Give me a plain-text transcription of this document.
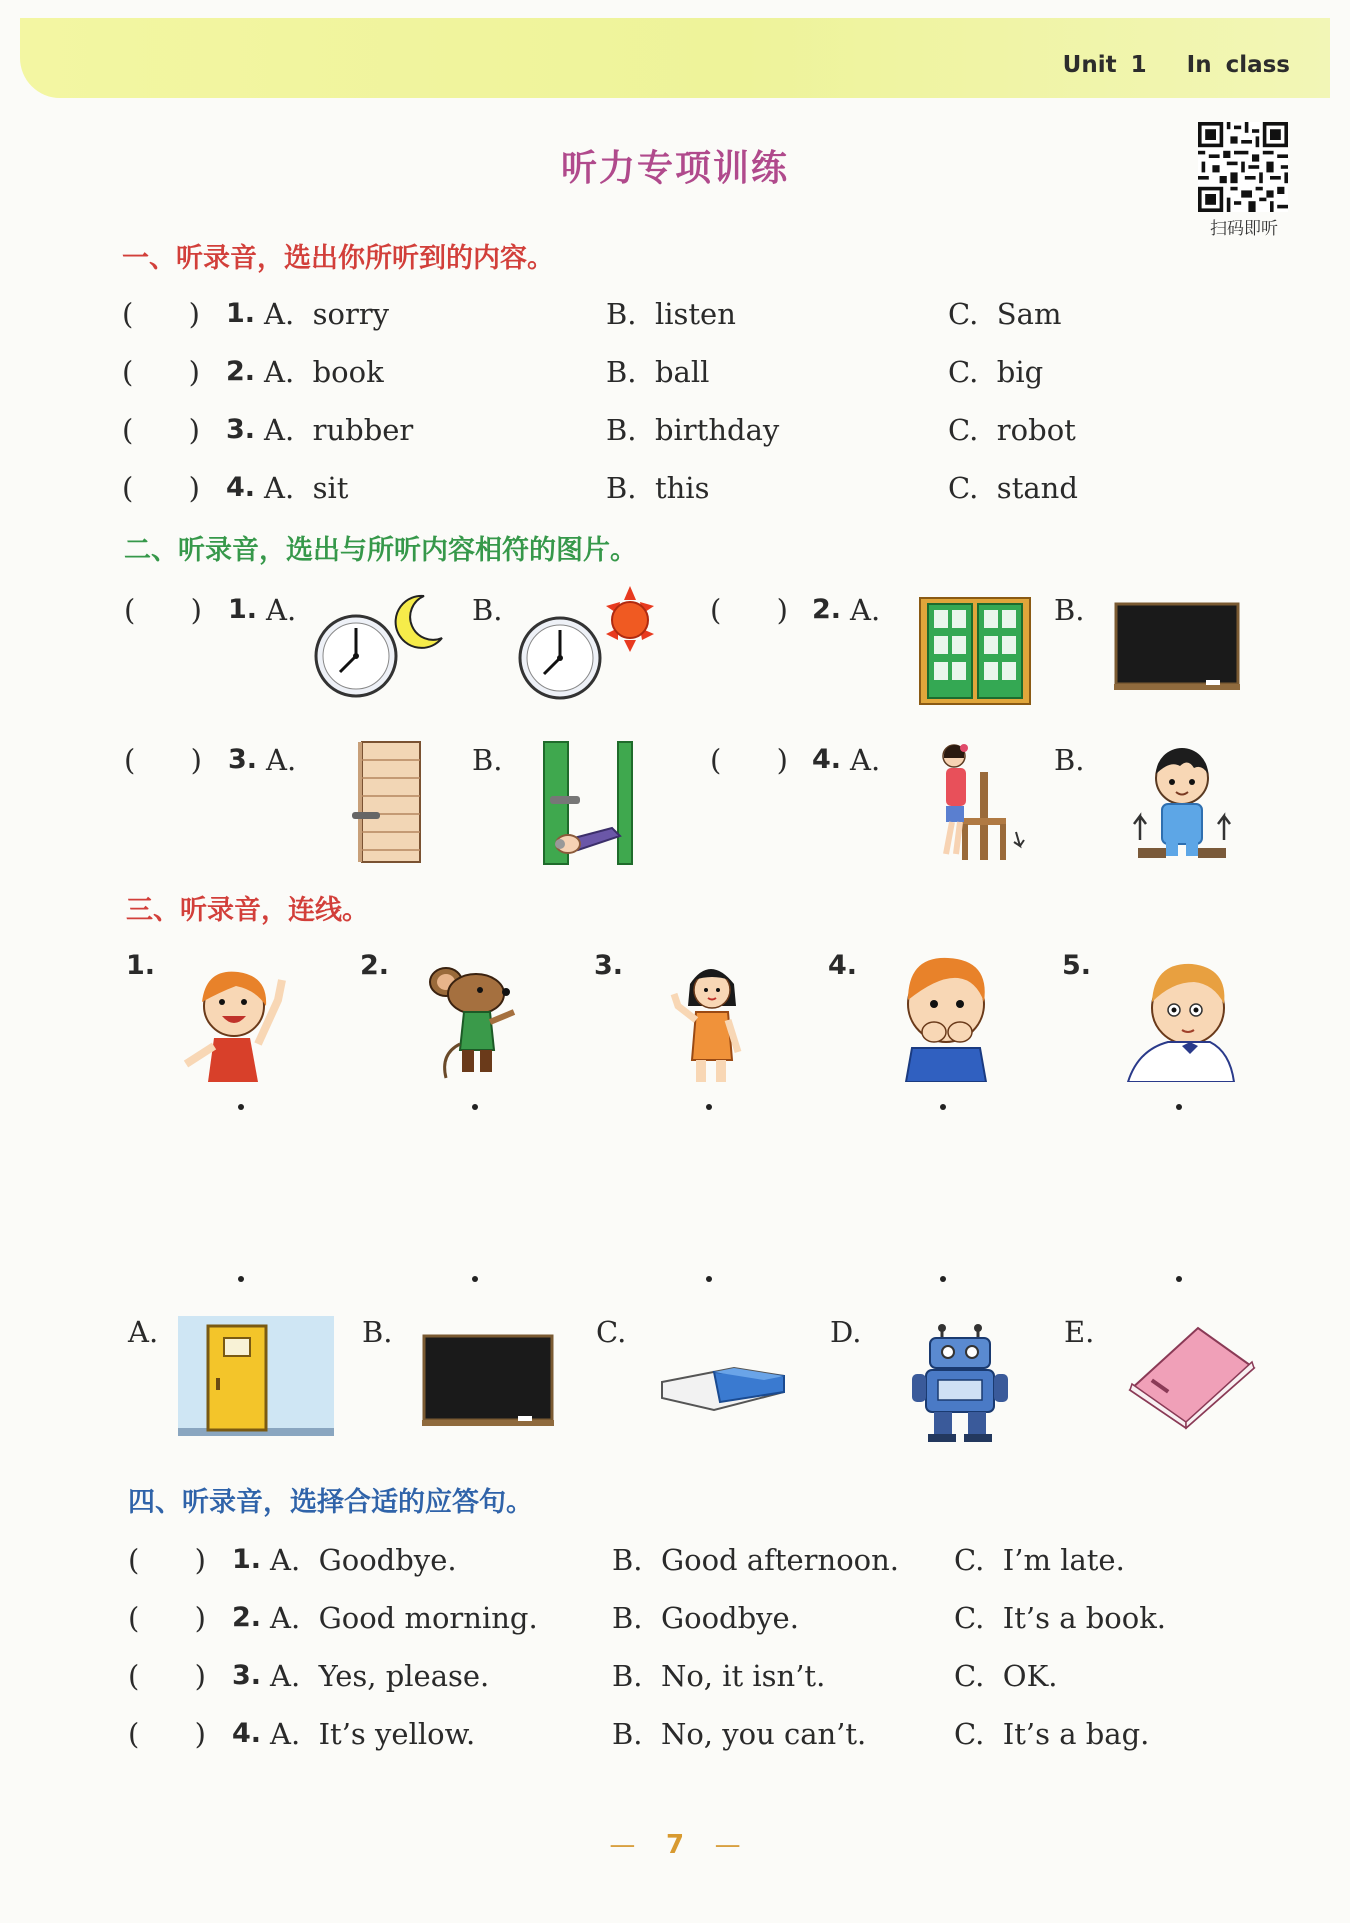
Unit 1 In class
听力专项训练
扫码即听
一、听录音，选出你所听到的内容。
(      ) 1. A.  sorry	B.  listen	C.  Sam
(      ) 2. A.  book	B.  ball	C.  big
(      ) 3. A.  rubber	B.  birthday	C.  robot
(      ) 4. A.  sit	B.  this	C.  stand
二、听录音，选出与所听内容相符的图片。
(      ) 1. A.	B.	(      ) 2. A.	B.
(      ) 3. A.	B.	(      ) 4. A.	B.
三、听录音，连线。
1.	2.	3.	4.	5.
A.	B.	C.	D.	E.
四、听录音，选择合适的应答句。
(      ) 1. A.  Goodbye.	B.  Good afternoon. C.  I’m late.
(      ) 2. A.  Good morning.	B.  Goodbye.	C.  It’s a book.
(      ) 3. A.  Yes, please.	B.  No, it isn’t.	C.  OK.
(      ) 4. A.  It’s yellow.	B.  No, you can’t.	C.  It’s a bag.
— 7 —
